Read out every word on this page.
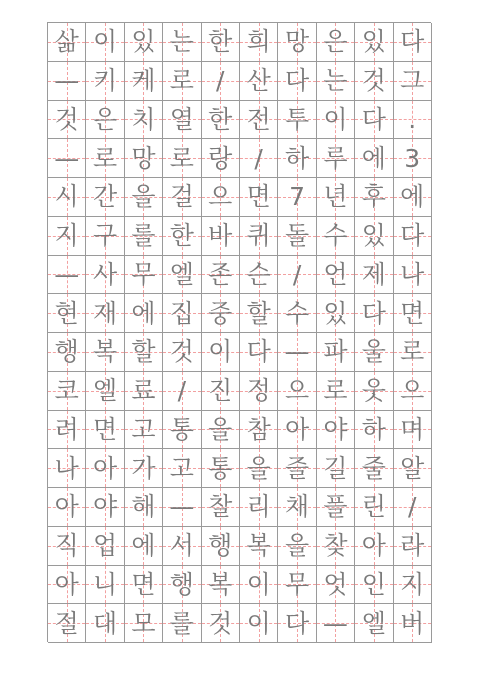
삶 이 있 는 한 희 망 은 있 다
— 키 케 로 / 산 다 는 것 그
것 은 치 열 한 전 투 이 다 .
— 로 망 로 랑 / 하 루 에 3
시 간 을 걸 으 면 7 년 후 에
지 구 를 한 바 퀴 돌 수 있 다
— 사 무 엘 존 슨 / 언 제 나
현 재 에 집 중 할 수 있 다 면
행 복 할 것 이 다 — 파 울 로
코 엘 료 / 진 정 으 로 웃 으
려 면 고 통 을 참 아 야 하 며
나 아 가 고 통 을 즐 길 줄 알
아 야 해 — 찰 리 채 플 린 /
직 업 에 서 행 복 을 찾 아 라
아 니 면 행 복 이 무 엇 인 지
절 대 모 를 것 이 다 — 엘 버
